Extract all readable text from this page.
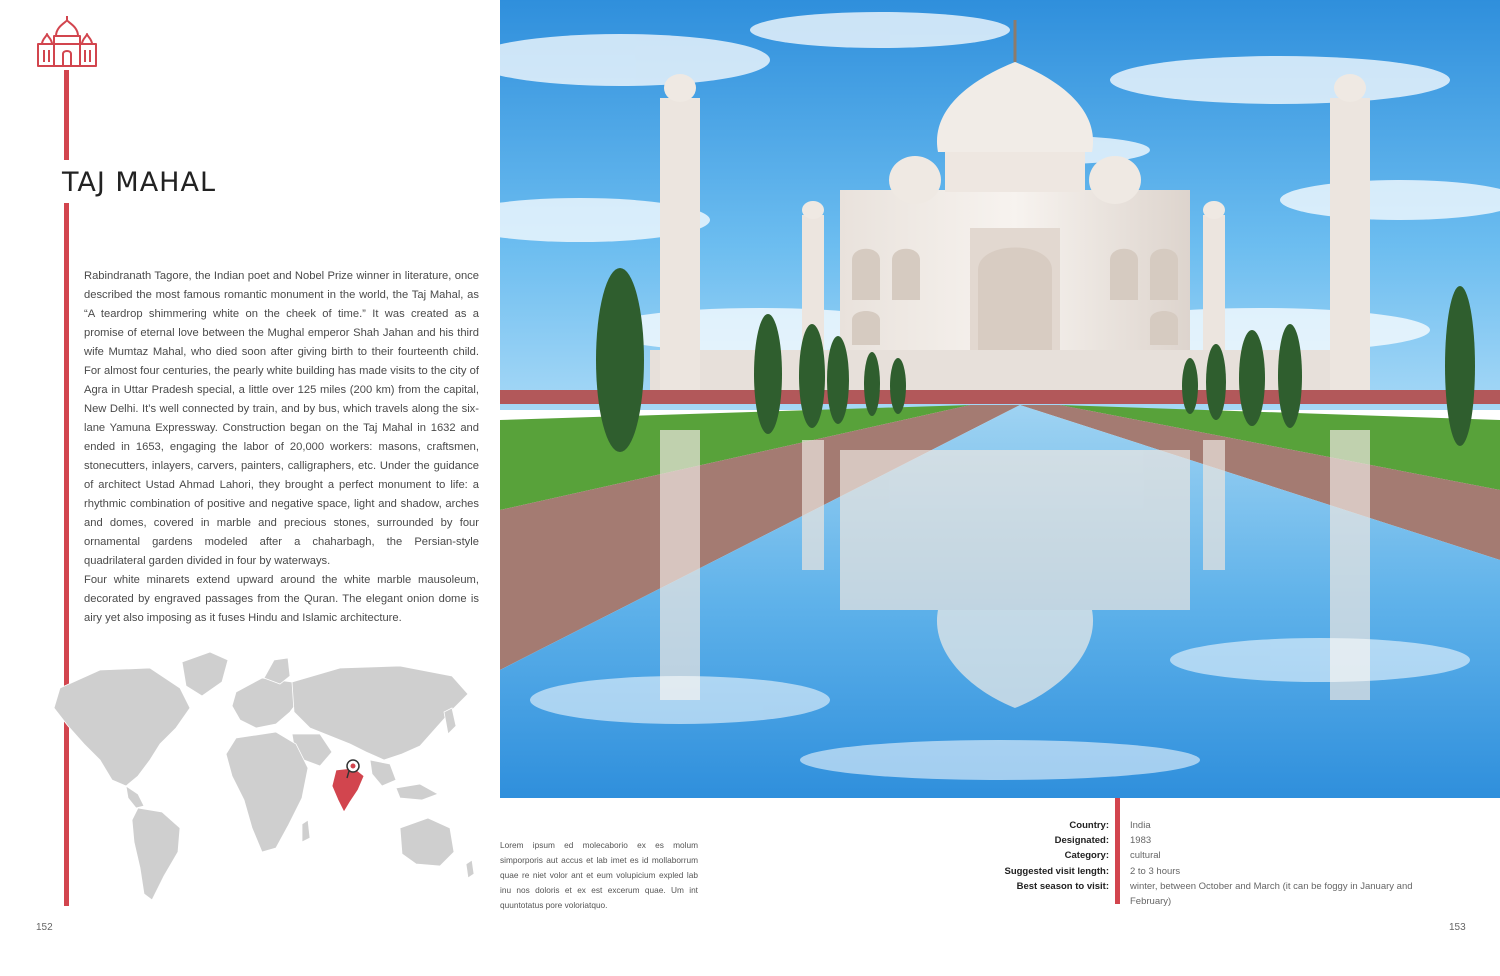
TAJ MAHAL

Rabindranath Tagore, the Indian poet and Nobel Prize winner in literature, once described the most famous romantic monument in the world, the Taj Mahal, as “A teardrop shimmering white on the cheek of time.” It was created as a promise of eternal love between the Mughal emperor Shah Jahan and his third wife Mumtaz Mahal, who died soon after giving birth to their fourteenth child. For almost four centuries, the pearly white building has made visits to the city of Agra in Uttar Pradesh special, a little over 125 miles (200 km) from the capital, New Delhi. It’s well connected by train, and by bus, which travels along the six-lane Yamuna Expressway. Construction began on the Taj Mahal in 1632 and ended in 1653, engaging the labor of 20,000 workers: masons, craftsmen, stonecutters, inlayers, carvers, painters, calligraphers, etc. Under the guidance of architect Ustad Ahmad Lahori, they brought a perfect monument to life: a rhythmic combination of positive and negative space, light and shadow, arches and domes, covered in marble and precious stones, surrounded by four ornamental gardens modeled after a chaharbagh, the Persian-style quadrilateral garden divided in four by waterways.

Four white minarets extend upward around the white marble mausoleum, decorated by engraved passages from the Quran. The elegant onion dome is airy yet also imposing as it fuses Hindu and Islamic architecture.

152
Lorem ipsum ed molecaborio ex es molum simporporis aut accus et lab imet es id mollaborrum quae re niet volor ant et eum volupicium expled lab inu nos doloris et ex est excerum quae. Um int quuntotatus pore voloriatquo.
Country:
Designated:
Category:
Suggested visit length:
Best season to visit:
India
1983
cultural
2 to 3 hours
winter, between October and March (it can be foggy in January and February)
153
